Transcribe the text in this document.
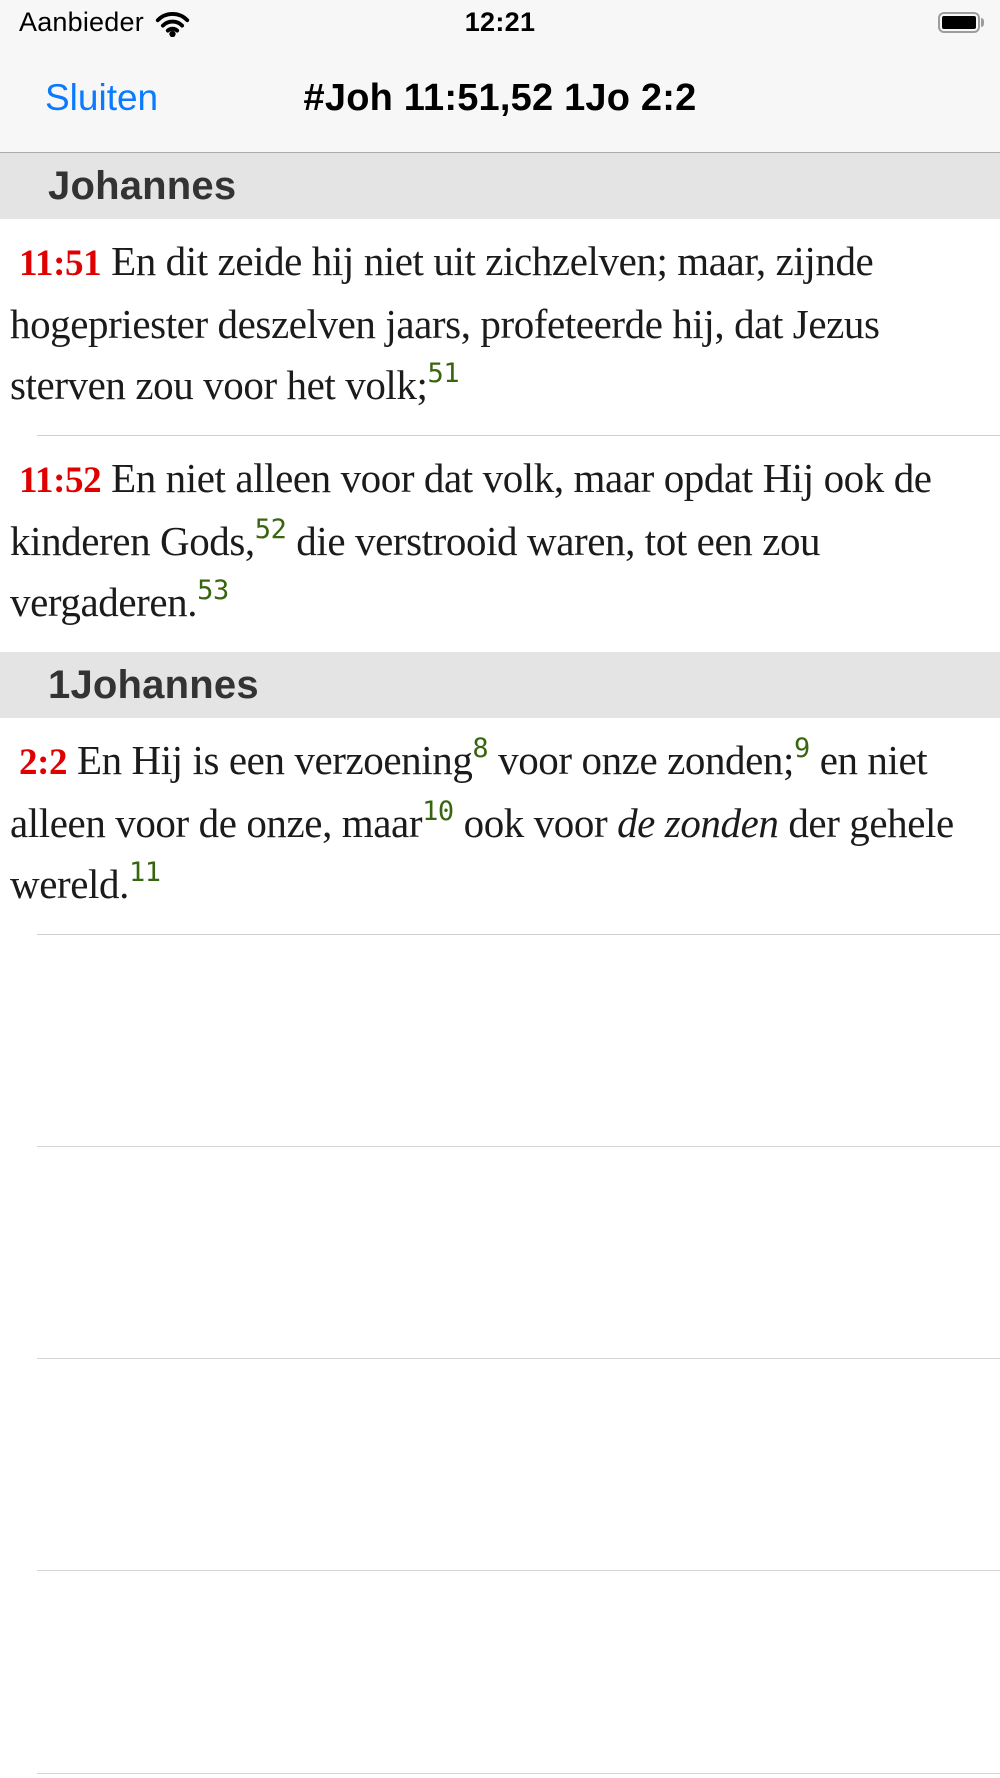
Aanbieder	12:21
Sluiten	#Joh 11:51,52 1Jo 2:2
Johannes

11:51 En dit zeide hij niet uit zichzelven; maar, zijnde hogepriester deszelven jaars, profeteerde hij, dat Jezus sterven zou voor het volk;$^{51}$

11:52 En niet alleen voor dat volk, maar opdat Hij ook de kinderen Gods,$^{52}$ die verstrooid waren, tot een zou vergaderen.$^{53}$

1Johannes

2:2 En Hij is een verzoening$^8$ voor onze zonden;$^9$ en niet alleen voor de onze, maar$^{10}$ ook voor de zonden der gehele wereld.$^{11}$
